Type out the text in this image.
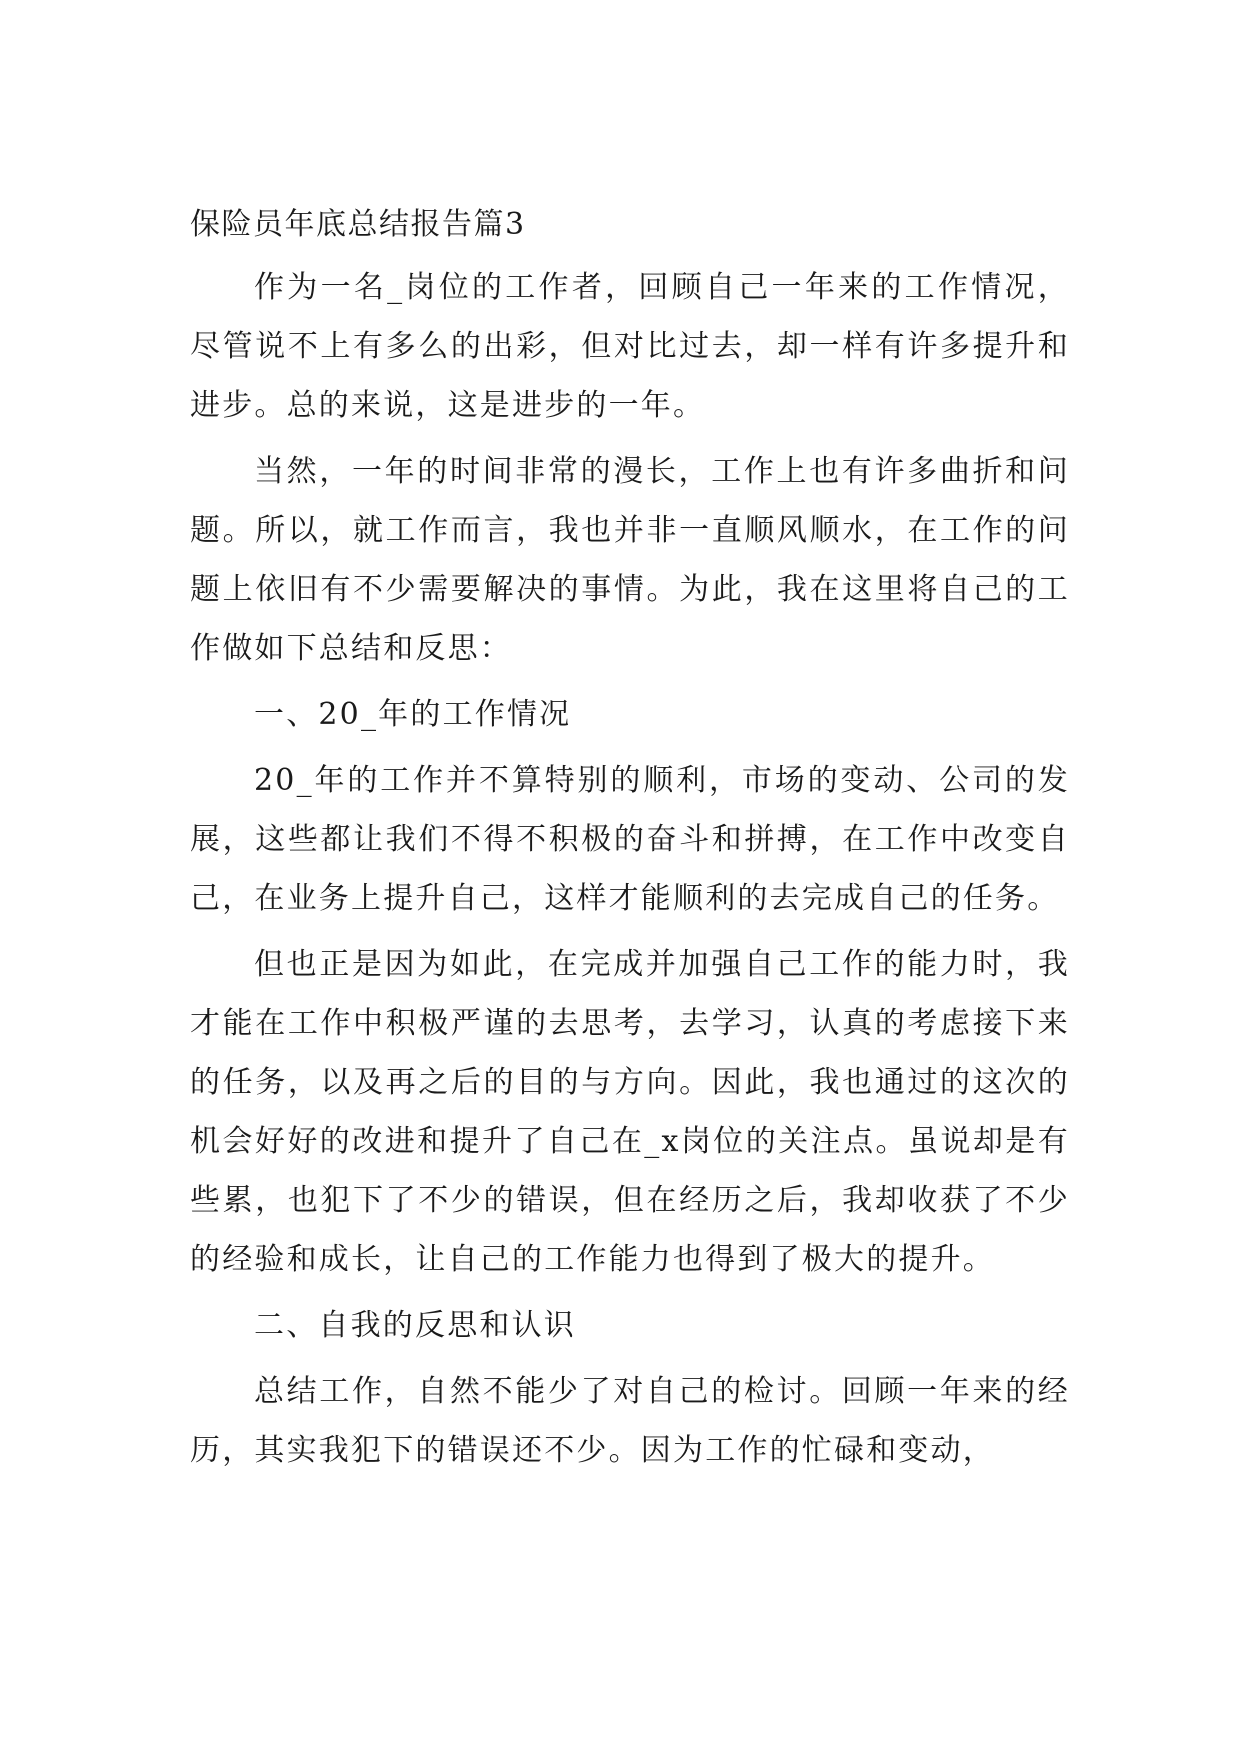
保险员年底总结报告篇3

作为一名_岗位的工作者，回顾自己一年来的工作情况，尽管说不上有多么的出彩，但对比过去，却一样有许多提升和进步。总的来说，这是进步的一年。

当然，一年的时间非常的漫长，工作上也有许多曲折和问题。所以，就工作而言，我也并非一直顺风顺水，在工作的问题上依旧有不少需要解决的事情。为此，我在这里将自己的工作做如下总结和反思：

一、20_年的工作情况

20_年的工作并不算特别的顺利，市场的变动、公司的发展，这些都让我们不得不积极的奋斗和拼搏，在工作中改变自己，在业务上提升自己，这样才能顺利的去完成自己的任务。

但也正是因为如此，在完成并加强自己工作的能力时，我才能在工作中积极严谨的去思考，去学习，认真的考虑接下来的任务，以及再之后的目的与方向。因此，我也通过的这次的机会好好的改进和提升了自己在_x岗位的关注点。虽说却是有些累，也犯下了不少的错误，但在经历之后，我却收获了不少的经验和成长，让自己的工作能力也得到了极大的提升。

二、自我的反思和认识

总结工作，自然不能少了对自己的检讨。回顾一年来的经历，其实我犯下的错误还不少。因为工作的忙碌和变动，
